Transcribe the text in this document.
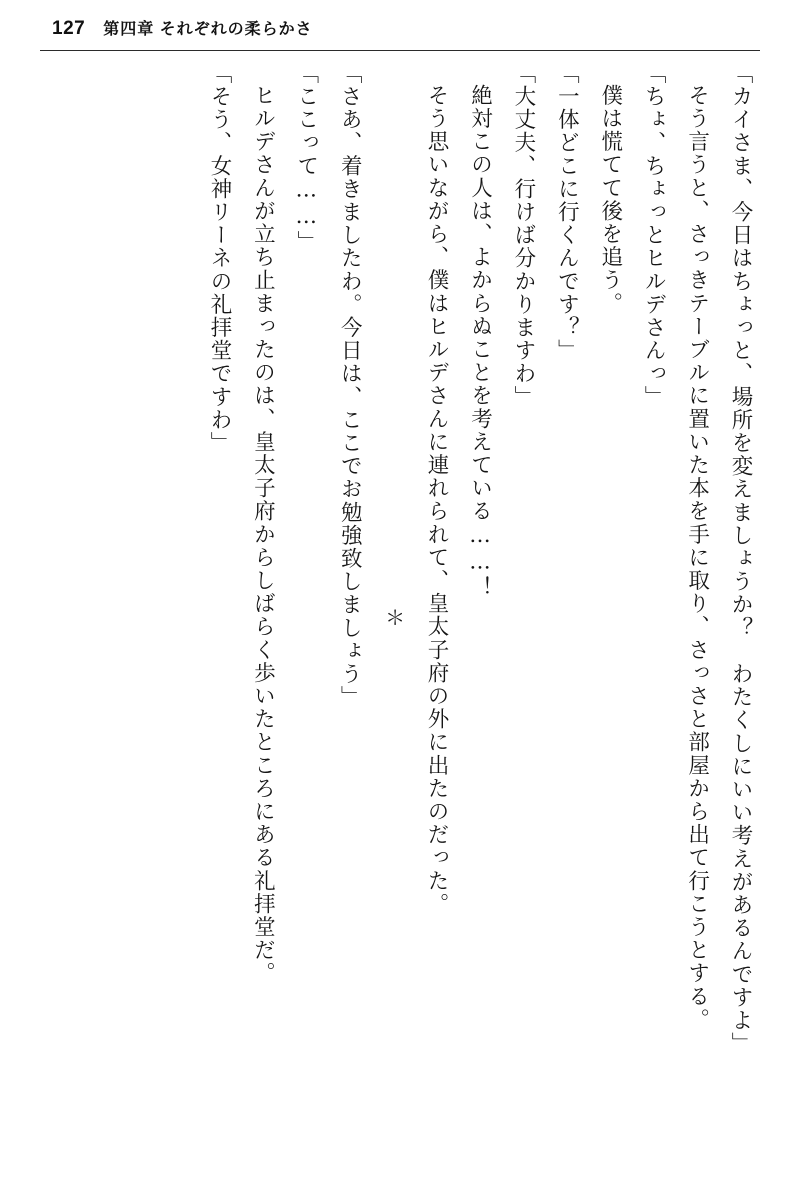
127 第四章 それぞれの柔らかさ

「カイさま、今日はちょっと、場所を変えましょうか？　わたくしにいい考えがあるんですよ」

そう言うと、さっきテーブルに置いた本を手に取り、さっさと部屋から出て行こうとする。

「ちょ、ちょっとヒルデさんっ」

僕は慌てて後を追う。

「一体どこに行くんです？」

「大丈夫、行けば分かりますわ」

絶対この人は、よからぬことを考えている……！

そう思いながら、僕はヒルデさんに連れられて、皇太子府の外に出たのだった。

＊

「さあ、着きましたわ。今日は、ここでお勉強致しましょう」

「ここって……」

ヒルデさんが立ち止まったのは、皇太子府からしばらく歩いたところにある礼拝堂だ。

「そう、女神リーネの礼拝堂ですわ」
